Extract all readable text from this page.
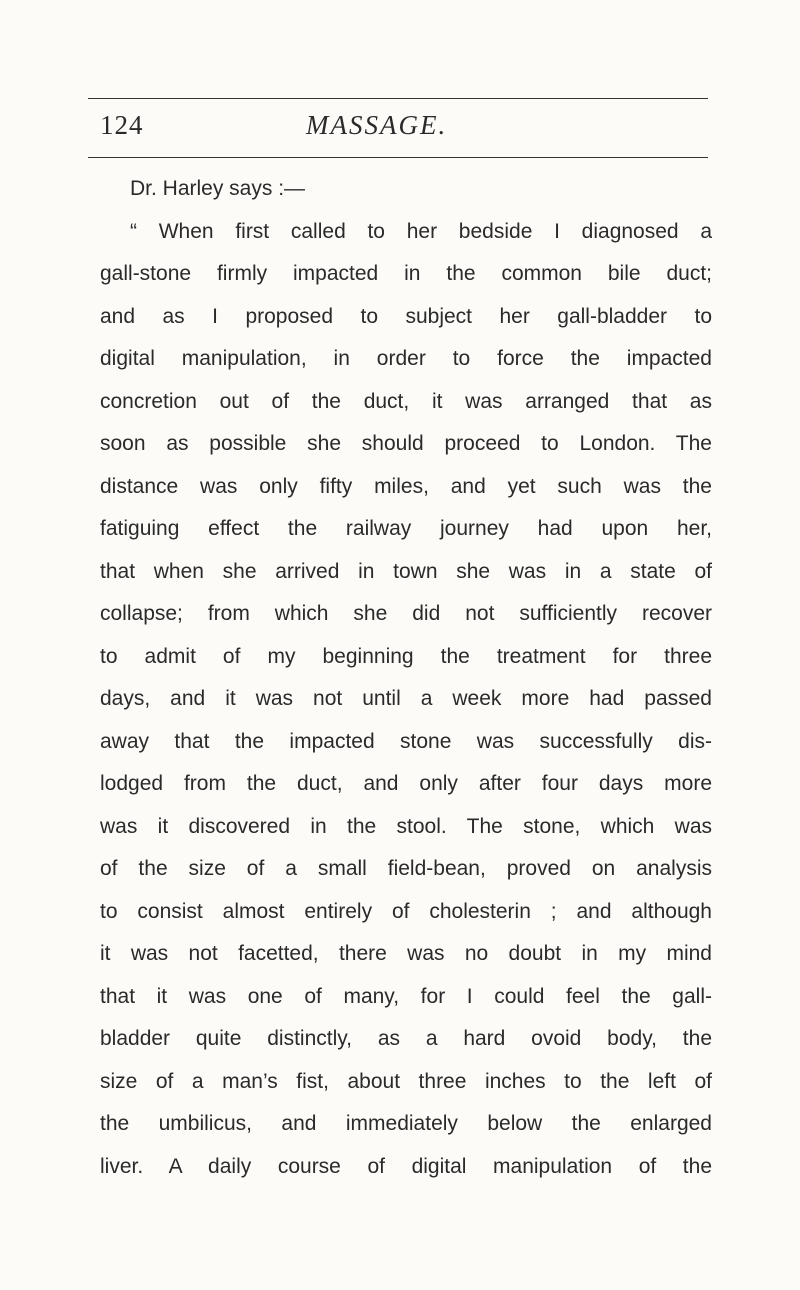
124	MASSAGE.
Dr. Harley says :—
“ When first called to her bedside I diagnosed a
gall-stone firmly impacted in the common bile duct;
and as I proposed to subject her gall-bladder to
digital manipulation, in order to force the impacted
concretion out of the duct, it was arranged that as
soon as possible she should proceed to London. The
distance was only fifty miles, and yet such was the
fatiguing effect the railway journey had upon her,
that when she arrived in town she was in a state of
collapse; from which she did not sufficiently recover
to admit of my beginning the treatment for three
days, and it was not until a week more had passed
away that the impacted stone was successfully dis-
lodged from the duct, and only after four days more
was it discovered in the stool. The stone, which was
of the size of a small field-bean, proved on analysis
to consist almost entirely of cholesterin ; and although
it was not facetted, there was no doubt in my mind
that it was one of many, for I could feel the gall-
bladder quite distinctly, as a hard ovoid body, the
size of a man’s fist, about three inches to the left of
the umbilicus, and immediately below the enlarged
liver. A daily course of digital manipulation of the
